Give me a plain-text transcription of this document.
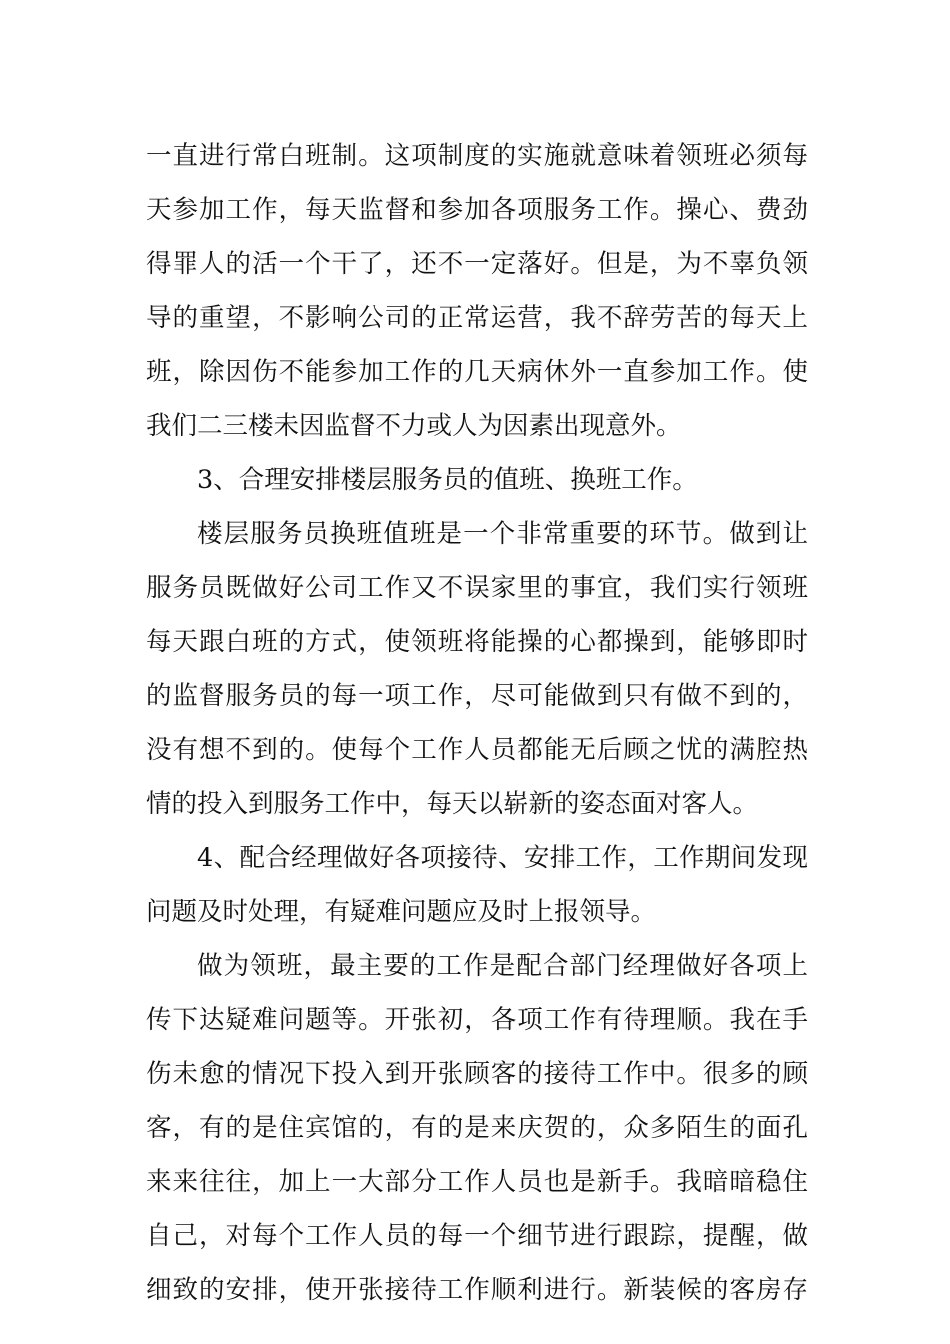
一直进行常白班制。这项制度的实施就意味着领班必须每
天参加工作，每天监督和参加各项服务工作。操心、费劲
得罪人的活一个干了，还不一定落好。但是，为不辜负领
导的重望，不影响公司的正常运营，我不辞劳苦的每天上
班，除因伤不能参加工作的几天病休外一直参加工作。使
我们二三楼未因监督不力或人为因素出现意外。
3、合理安排楼层服务员的值班、换班工作。
楼层服务员换班值班是一个非常重要的环节。做到让
服务员既做好公司工作又不误家里的事宜，我们实行领班
每天跟白班的方式，使领班将能操的心都操到，能够即时
的监督服务员的每一项工作，尽可能做到只有做不到的，
没有想不到的。使每个工作人员都能无后顾之忧的满腔热
情的投入到服务工作中，每天以崭新的姿态面对客人。
4、配合经理做好各项接待、安排工作，工作期间发现
问题及时处理，有疑难问题应及时上报领导。
做为领班，最主要的工作是配合部门经理做好各项上
传下达疑难问题等。开张初，各项工作有待理顺。我在手
伤未愈的情况下投入到开张顾客的接待工作中。很多的顾
客，有的是住宾馆的，有的是来庆贺的，众多陌生的面孔
来来往往，加上一大部分工作人员也是新手。我暗暗稳住
自己，对每个工作人员的每一个细节进行跟踪，提醒，做
细致的安排，使开张接待工作顺利进行。新装候的客房存
